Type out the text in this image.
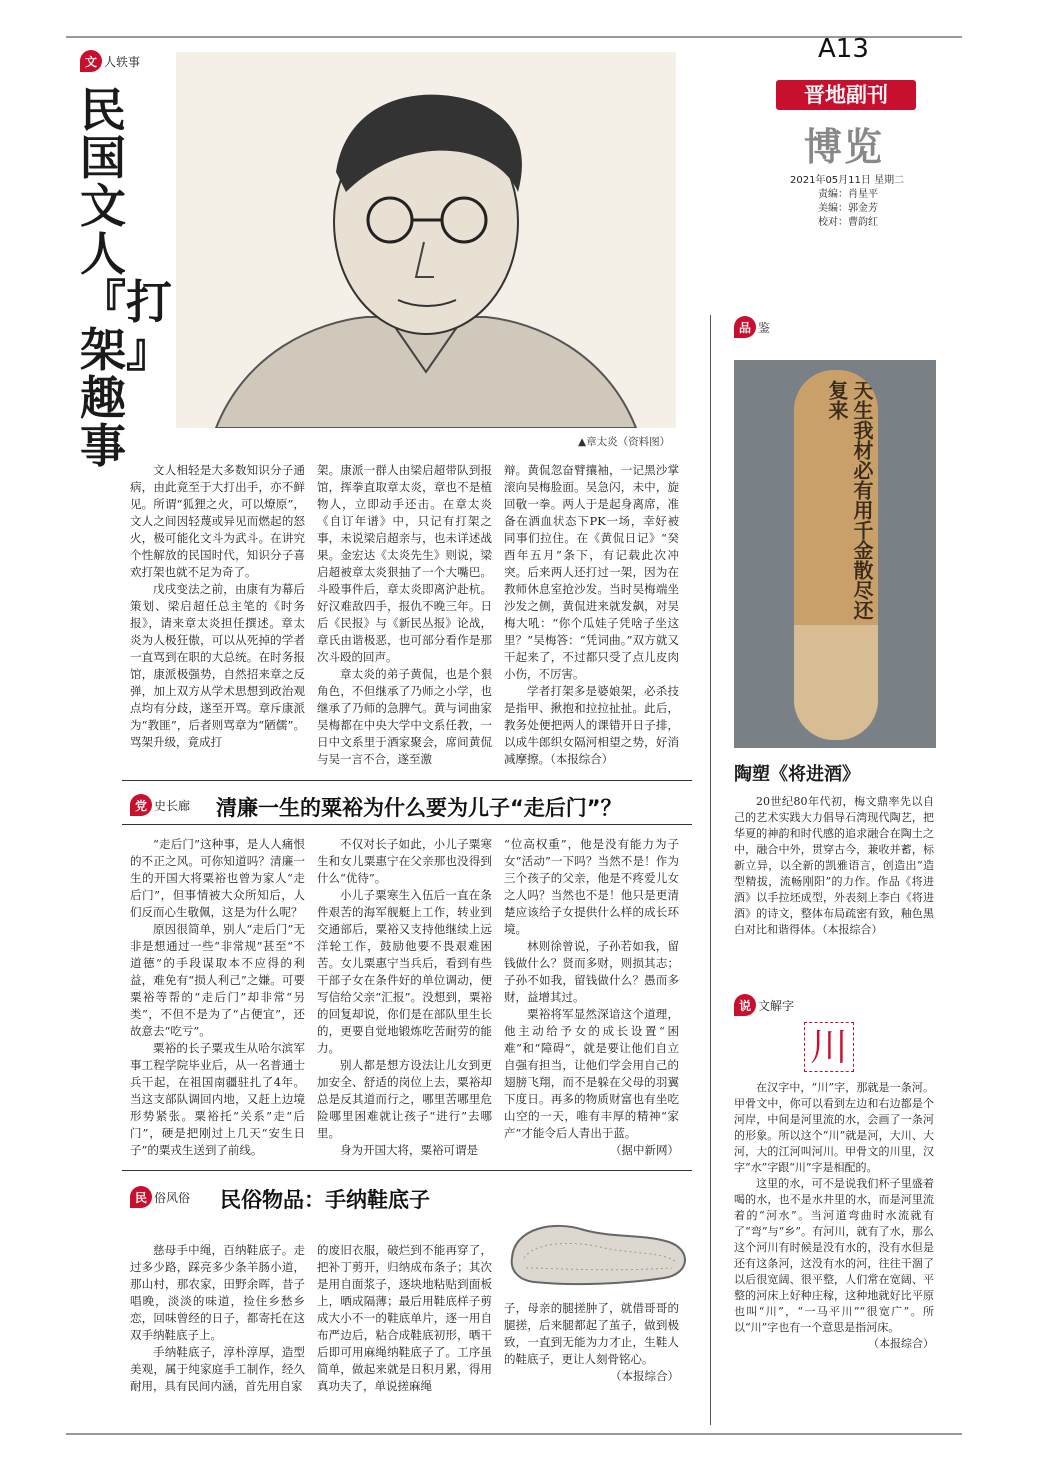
A13
晋地副刊
博览
2021年05月11日 星期二
责编：肖星平
美编：郭金芳
校对：曹韵红
文 人轶事
民国文人『打架』趣事	▲章太炎（资料图）

文人相轻是大多数知识分子通病，由此竟至于大打出手，亦不鲜见。所谓“狐狸之火，可以燎原”，文人之间因轻蔑或异见而燃起的怒火，极可能化文斗为武斗。在讲究个性解放的民国时代，知识分子喜欢打架也就不足为奇了。

戊戌变法之前，由康有为幕后策划、梁启超任总主笔的《时务报》，请来章太炎担任撰述。章太炎为人极狂傲，可以从死掉的学者一直骂到在职的大总统。在时务报馆，康派极强势，自然招来章之反弹，加上双方从学术思想到政治观点均有分歧，遂至开骂。章斥康派为“教匪”，后者则骂章为“陋儒”。骂架升级，竟成打

架。康派一群人由梁启超带队到报馆，挥拳直取章太炎，章也不是植物人，立即动手还击。在章太炎《自订年谱》中，只记有打架之事，未说梁启超亲与，也未详述战果。金宏达《太炎先生》则说，梁启超被章太炎狠抽了一个大嘴巴。斗殴事件后，章太炎即离沪赴杭。好汉难敌四手，报仇不晚三年。日后《民报》与《新民丛报》论战，章氏由谐极恶，也可部分看作是那次斗殴的回声。

章太炎的弟子黄侃，也是个狠角色，不但继承了乃师之小学，也继承了乃师的急脾气。黄与词曲家吴梅都在中央大学中文系任教，一日中文系里于酒家聚会，席间黄侃与吴一言不合，遂至激

辩。黄侃忽奋臂攘袖，一记黑沙掌滚向吴梅脸面。吴急闪，未中，旋回敬一拳。两人于是起身离席，准备在酒血状态下PK一场，幸好被同事们拉住。在《黄侃日记》“癸酉年五月”条下，有记载此次冲突。后来两人还打过一架，因为在教师休息室抢沙发。当时吴梅端坐沙发之侧，黄侃进来就发飙，对吴梅大吼：“你个瓜娃子凭啥子坐这里？”吴梅答：“凭词曲。”双方就又干起来了，不过都只受了点儿皮肉小伤，不厉害。

学者打架多是婆娘架，必杀技是指甲、揪抱和拉拉扯扯。此后，教务处便把两人的课错开日子排，以成牛郎织女隔河相望之势，好消减摩擦。（本报综合）

品 鉴
天生我材必有用千金散尽还复来
陶塑《将进酒》

20世纪80年代初，梅文鼎率先以自己的艺术实践大力倡导石湾现代陶艺，把华夏的神韵和时代感的追求融合在陶土之中，融合中外，贯穿古今，兼收并蓄，标新立异，以全新的凯雅语言，创造出“造型精拔，流畅刚阳”的力作。作品《将进酒》以手拉坯成型，外表刻上李白《将进酒》的诗文，整体布局疏密有致，釉色黑白对比和谐得体。（本报综合）

说 文解字
川

在汉字中，“川”字，那就是一条河。甲骨文中，你可以看到左边和右边都是个河岸，中间是河里流的水，会画了一条河的形象。所以这个“川”就是河，大川、大河，大的江河叫河川。甲骨文的川里，汉字“水”字跟“川”字是相配的。

这里的水，可不是说我们杯子里盛着喝的水，也不是水井里的水，而是河里流着的“河水”。当河道弯曲时水流就有了“弯”与“乡”。有河川，就有了水，那么这个河川有时候是没有水的，没有水但是还有这条河，这没有水的河，往往干涸了以后很宽阔、很平整，人们常在宽阔、平整的河床上好种庄稼，这种地就好比平原也叫“川”，“一马平川”“很宽广”。所以“川”字也有一个意思是指河床。

（本报综合）

党 史长廊 清廉一生的粟裕为什么要为儿子“走后门”？

“走后门”这种事，是人人痛恨的不正之风。可你知道吗？清廉一生的开国大将粟裕也曾为家人“走后门”，但事情被大众所知后，人们反而心生敬佩，这是为什么呢？

原因很简单，别人“走后门”无非是想通过一些“非常规”甚至“不道德”的手段谋取本不应得的利益，难免有“损人利己”之嫌。可要粟裕等帮的“走后门”却非常“另类”，不但不是为了“占便宜”，还故意去“吃亏”。

粟裕的长子粟戎生从哈尔滨军事工程学院毕业后，从一名普通士兵干起，在祖国南疆驻扎了4年。当这支部队调回内地，又赶上边境形势紧张。粟裕托“关系”走“后门”，硬是把刚过上几天“安生日子”的粟戎生送到了前线。

不仅对长子如此，小儿子粟寒生和女儿粟惠宁在父亲那也没得到什么“优待”。

小儿子粟寒生入伍后一直在条件艰苦的海军舰艇上工作，转业到交通部后，粟裕又支持他继续上远洋轮工作，鼓励他要不畏艰难困苦。女儿粟惠宁当兵后，看到有些干部子女在条件好的单位调动，便写信给父亲“汇报”。没想到，粟裕的回复却说，你们是在部队里生长的，更要自觉地锻炼吃苦耐劳的能力。

别人都是想方设法让儿女到更加安全、舒适的岗位上去，粟裕却总是反其道而行之，哪里苦哪里危险哪里困难就让孩子“进行”去哪里。

身为开国大将，粟裕可谓是

“位高权重”，他是没有能力为子女“活动”一下吗？当然不是！作为三个孩子的父亲，他是不疼爱儿女之人吗？当然也不是！他只是更清楚应该给子女提供什么样的成长环境。

林则徐曾说，子孙若如我，留钱做什么？贤而多财，则损其志；子孙不如我，留钱做什么？愚而多财，益增其过。

粟裕将军显然深谙这个道理，他主动给予女的成长设置“困难”和“障碍”，就是要让他们自立自强有担当，让他们学会用自己的翅膀飞翔，而不是躲在父母的羽翼下度日。再多的物质财富也有坐吃山空的一天，唯有丰厚的精神“家产”才能令后人青出于蓝。

（据中新网）

民 俗风俗 民俗物品：手纳鞋底子

慈母手中绳，百纳鞋底子。走过多少路，踩亮多少条羊肠小道，那山村，那农家，田野余晖，昔子唱晚，淡淡的味道，捡住乡愁乡恋，回味曾经的日子，都寄托在这双手纳鞋底子上。

手纳鞋底子，淳朴淳厚，造型美观，属于纯家庭手工制作，经久耐用，具有民间内涵，首先用自家

的废旧衣服，破烂到不能再穿了，把补丁剪开，归纳成布条子；其次是用自面浆子，逐块地粘贴到面板上，晒成隔薄；最后用鞋底样子剪成大小不一的鞋底单片，逐一用自布严边后，粘合成鞋底初形，晒干后即可用麻绳纳鞋底子了。工序虽简单，做起来就是日积月累，得用真功夫了，单说搓麻绳

子，母亲的腿搓肿了，就借哥哥的腿搓，后来腿都起了茧子，做到极致，一直到无能为力才止，生鞋人的鞋底子，更让人刻骨铭心。

（本报综合）
